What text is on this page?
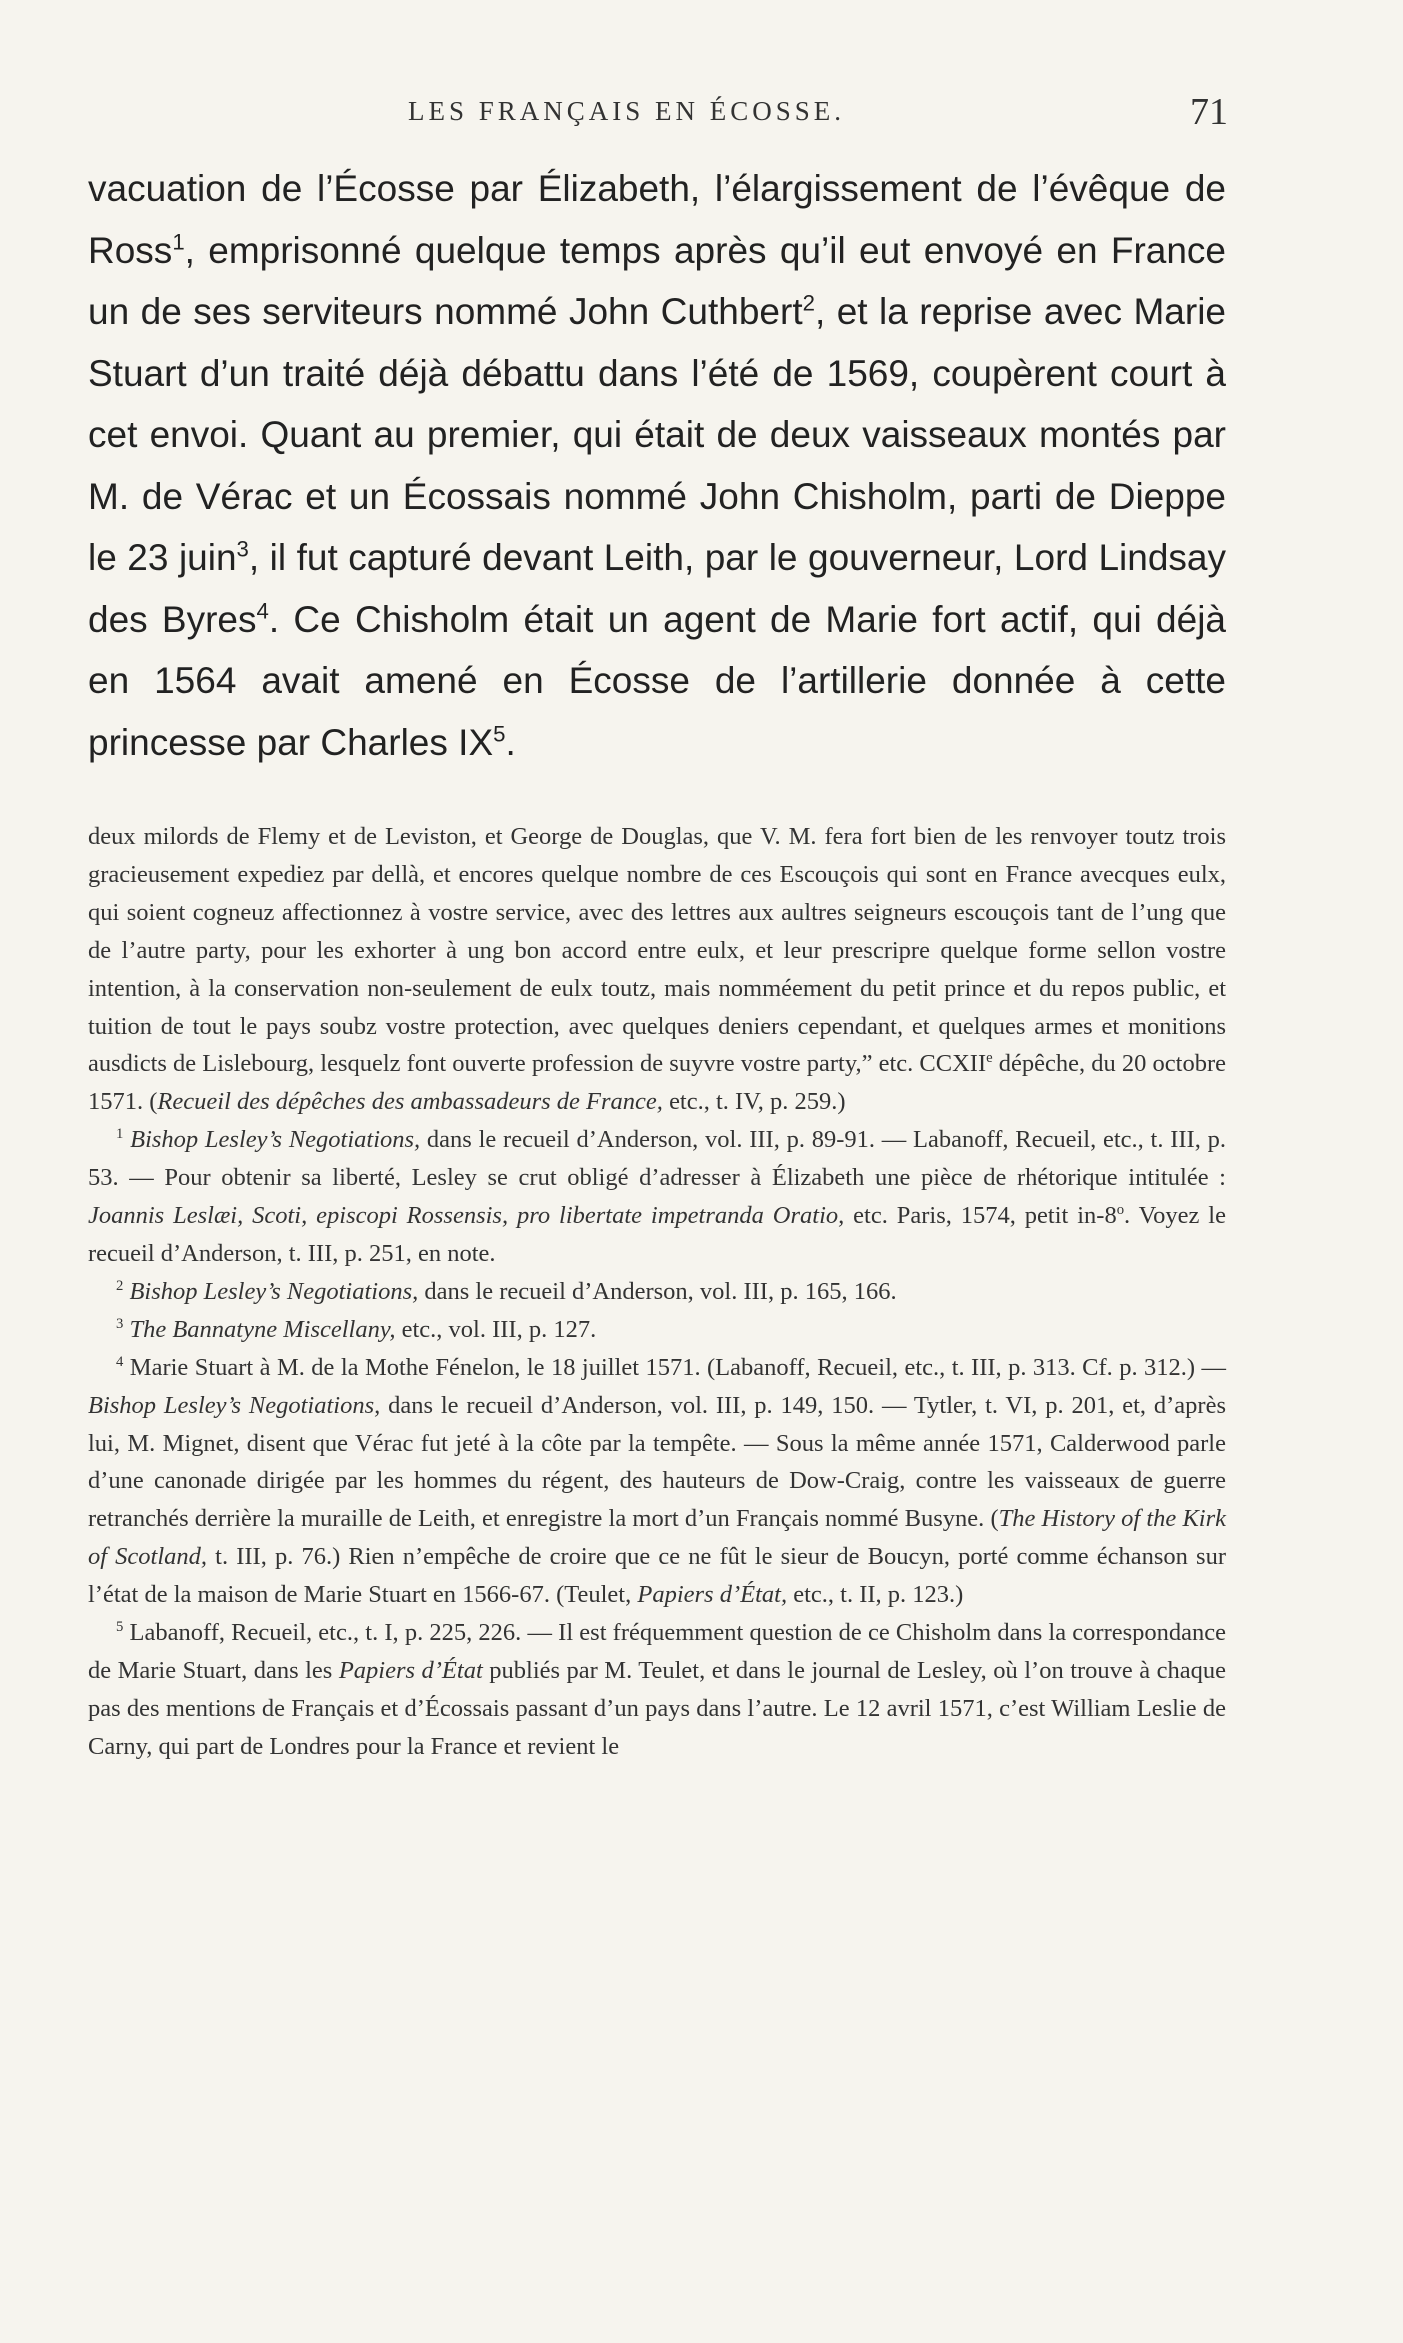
LES FRANÇAIS EN ÉCOSSE.	71
vacuation de l’Écosse par Élizabeth, l’élargissement de l’évêque de Ross$^1$, emprisonné quelque temps après qu’il eut envoyé en France un de ses serviteurs nommé John Cuthbert$^2$, et la reprise avec Marie Stuart d’un traité déjà débattu dans l’été de 1569, coupèrent court à cet envoi. Quant au premier, qui était de deux vaisseaux montés par M. de Vérac et un Écossais nommé John Chisholm, parti de Dieppe le 23 juin$^3$, il fut capturé devant Leith, par le gouverneur, Lord Lindsay des Byres$^4$. Ce Chisholm était un agent de Marie fort actif, qui déjà en 1564 avait amené en Écosse de l’artillerie donnée à cette princesse par Charles $IX^5$.

deux milords de Flemy et de Leviston, et George de Douglas, que V. M. fera fort bien de les renvoyer toutz trois gracieusement expediez par dellà, et encores quelque nombre de ces Escouçois qui sont en France avecques eulx, qui soient cogneuz affectionnez à vostre service, avec des lettres aux aultres seigneurs escouçois tant de l’ung que de l’autre party, pour les exhorter à ung bon accord entre eulx, et leur prescripre quelque forme sellon vostre intention, à la conservation non-seulement de eulx toutz, mais nomméement du petit prince et du repos public, et tuition de tout le pays soubz vostre protection, avec quelques deniers cependant, et quelques armes et monitions ausdicts de Lislebourg, lesquelz font ouverte profession de suyvre vostre party,” etc. CCXIIe dépêche, du 20 octobre 1571. (Recueil des dépêches des ambassadeurs de France, etc., t. IV, p. 259.)

$^1$ Bishop Lesley’s Negotiations, dans le recueil d’Anderson, vol. III, p. 89-91. — Labanoff, Recueil, etc., t. III, p. 53. — Pour obtenir sa liberté, Lesley se crut obligé d’adresser à Élizabeth une pièce de rhétorique intitulée : Joannis Leslæi, Scoti, episcopi Rossensis, pro libertate impetranda Oratio, etc. Paris, 1574, petit in-8$^o$. Voyez le recueil d’Anderson, t. III, p. 251, en note.

$^2$ Bishop Lesley’s Negotiations, dans le recueil d’Anderson, vol. III, p. 165, 166.

$^3$ The Bannatyne Miscellany, etc., vol. III, p. 127.

$^4$ Marie Stuart à M. de la Mothe Fénelon, le 18 juillet 1571. (Labanoff, Recueil, etc., t. III, p. 313. Cf. p. 312.) — Bishop Lesley’s Negotiations, dans le recueil d’Anderson, vol. III, p. 149, 150. — Tytler, t. VI, p. 201, et, d’après lui, M. Mignet, disent que Vérac fut jeté à la côte par la tempête. — Sous la même année 1571, Calderwood parle d’une canonade dirigée par les hommes du régent, des hauteurs de Dow-Craig, contre les vaisseaux de guerre retranchés derrière la muraille de Leith, et enregistre la mort d’un Français nommé Busyne. (The History of the Kirk of Scotland, t. III, p. 76.) Rien n’empêche de croire que ce ne fût le sieur de Boucyn, porté comme échanson sur l’état de la maison de Marie Stuart en 1566-67. (Teulet, Papiers d’État, etc., t. II, p. 123.)

$^5$ Labanoff, Recueil, etc., t. I, p. 225, 226. — Il est fréquemment question de ce Chisholm dans la correspondance de Marie Stuart, dans les Papiers d’État publiés par M. Teulet, et dans le journal de Lesley, où l’on trouve à chaque pas des mentions de Français et d’Écossais passant d’un pays dans l’autre. Le 12 avril 1571, c’est William Leslie de Carny, qui part de Londres pour la France et revient le
